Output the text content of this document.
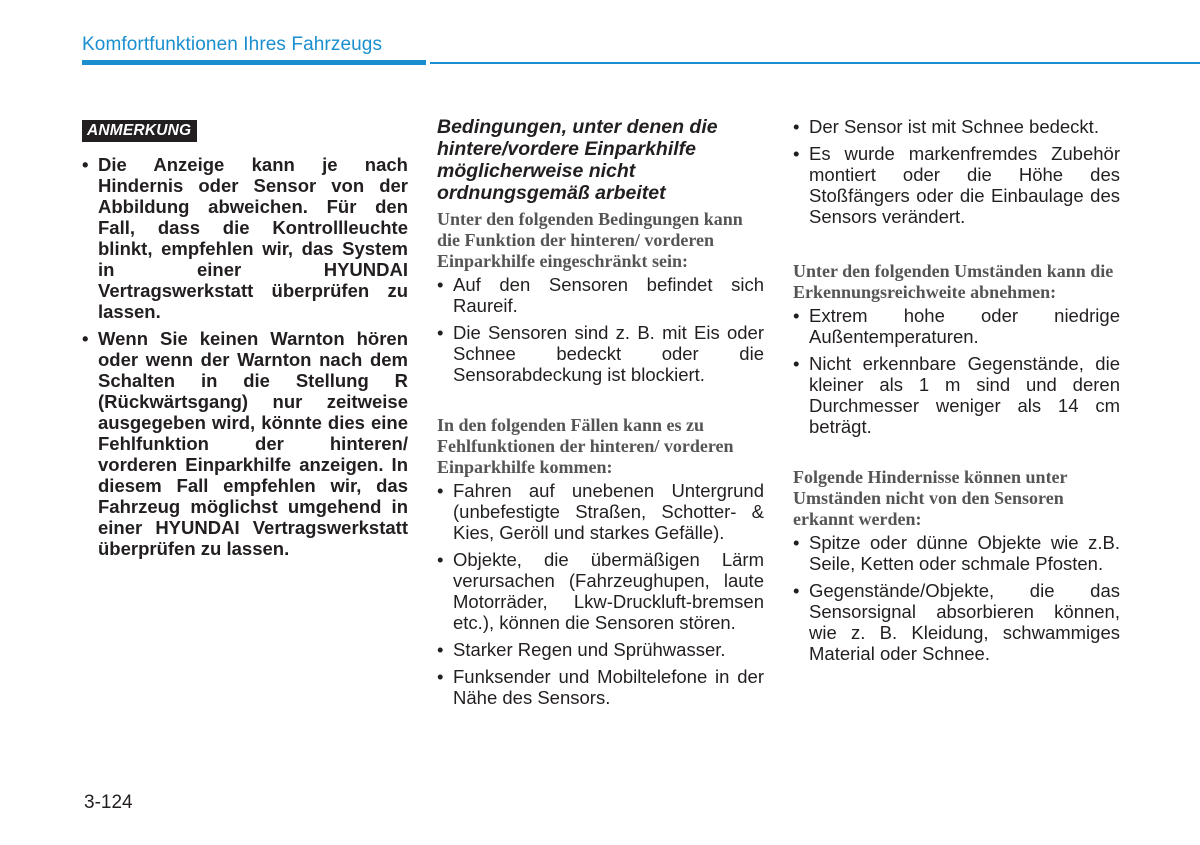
Komfortfunktionen Ihres Fahrzeugs
ANMERKUNG
• Die Anzeige kann je nach Hindernis oder Sensor von der Abbildung abweichen. Für den Fall, dass die Kontrollleuchte blinkt, empfehlen wir, das System in einer HYUNDAI Vertragswerkstatt überprüfen zu lassen.
• Wenn Sie keinen Warnton hören oder wenn der Warnton nach dem Schalten in die Stellung R (Rückwärtsgang) nur zeitweise ausgegeben wird, könnte dies eine Fehlfunktion der hinteren/ vorderen Einparkhilfe anzeigen. In diesem Fall empfehlen wir, das Fahrzeug möglichst umgehend in einer HYUNDAI Vertragswerkstatt überprüfen zu lassen.
Bedingungen, unter denen die hintere/vordere Einparkhilfe möglicherweise nicht ordnungsgemäß arbeitet
Unter den folgenden Bedingungen kann die Funktion der hinteren/ vorderen Einparkhilfe eingeschränkt sein:
• Auf den Sensoren befindet sich Raureif.
• Die Sensoren sind z. B. mit Eis oder Schnee bedeckt oder die Sensorabdeckung ist blockiert.
In den folgenden Fällen kann es zu Fehlfunktionen der hinteren/ vorderen Einparkhilfe kommen:
• Fahren auf unebenen Untergrund (unbefestigte Straßen, Schotter- & Kies, Geröll und starkes Gefälle).
• Objekte, die übermäßigen Lärm verursachen (Fahrzeughupen, laute Motorräder, Lkw-Druckluft-bremsen etc.), können die Sensoren stören.
• Starker Regen und Sprühwasser.
• Funksender und Mobiltelefone in der Nähe des Sensors.
• Der Sensor ist mit Schnee bedeckt.
• Es wurde markenfremdes Zubehör montiert oder die Höhe des Stoßfängers oder die Einbaulage des Sensors verändert.
Unter den folgenden Umständen kann die Erkennungsreichweite abnehmen:
• Extrem hohe oder niedrige Außentemperaturen.
• Nicht erkennbare Gegenstände, die kleiner als 1 m sind und deren Durchmesser weniger als 14 cm beträgt.
Folgende Hindernisse können unter Umständen nicht von den Sensoren erkannt werden:
• Spitze oder dünne Objekte wie z.B. Seile, Ketten oder schmale Pfosten.
• Gegenstände/Objekte, die das Sensorsignal absorbieren können, wie z. B. Kleidung, schwammiges Material oder Schnee.
3-124
